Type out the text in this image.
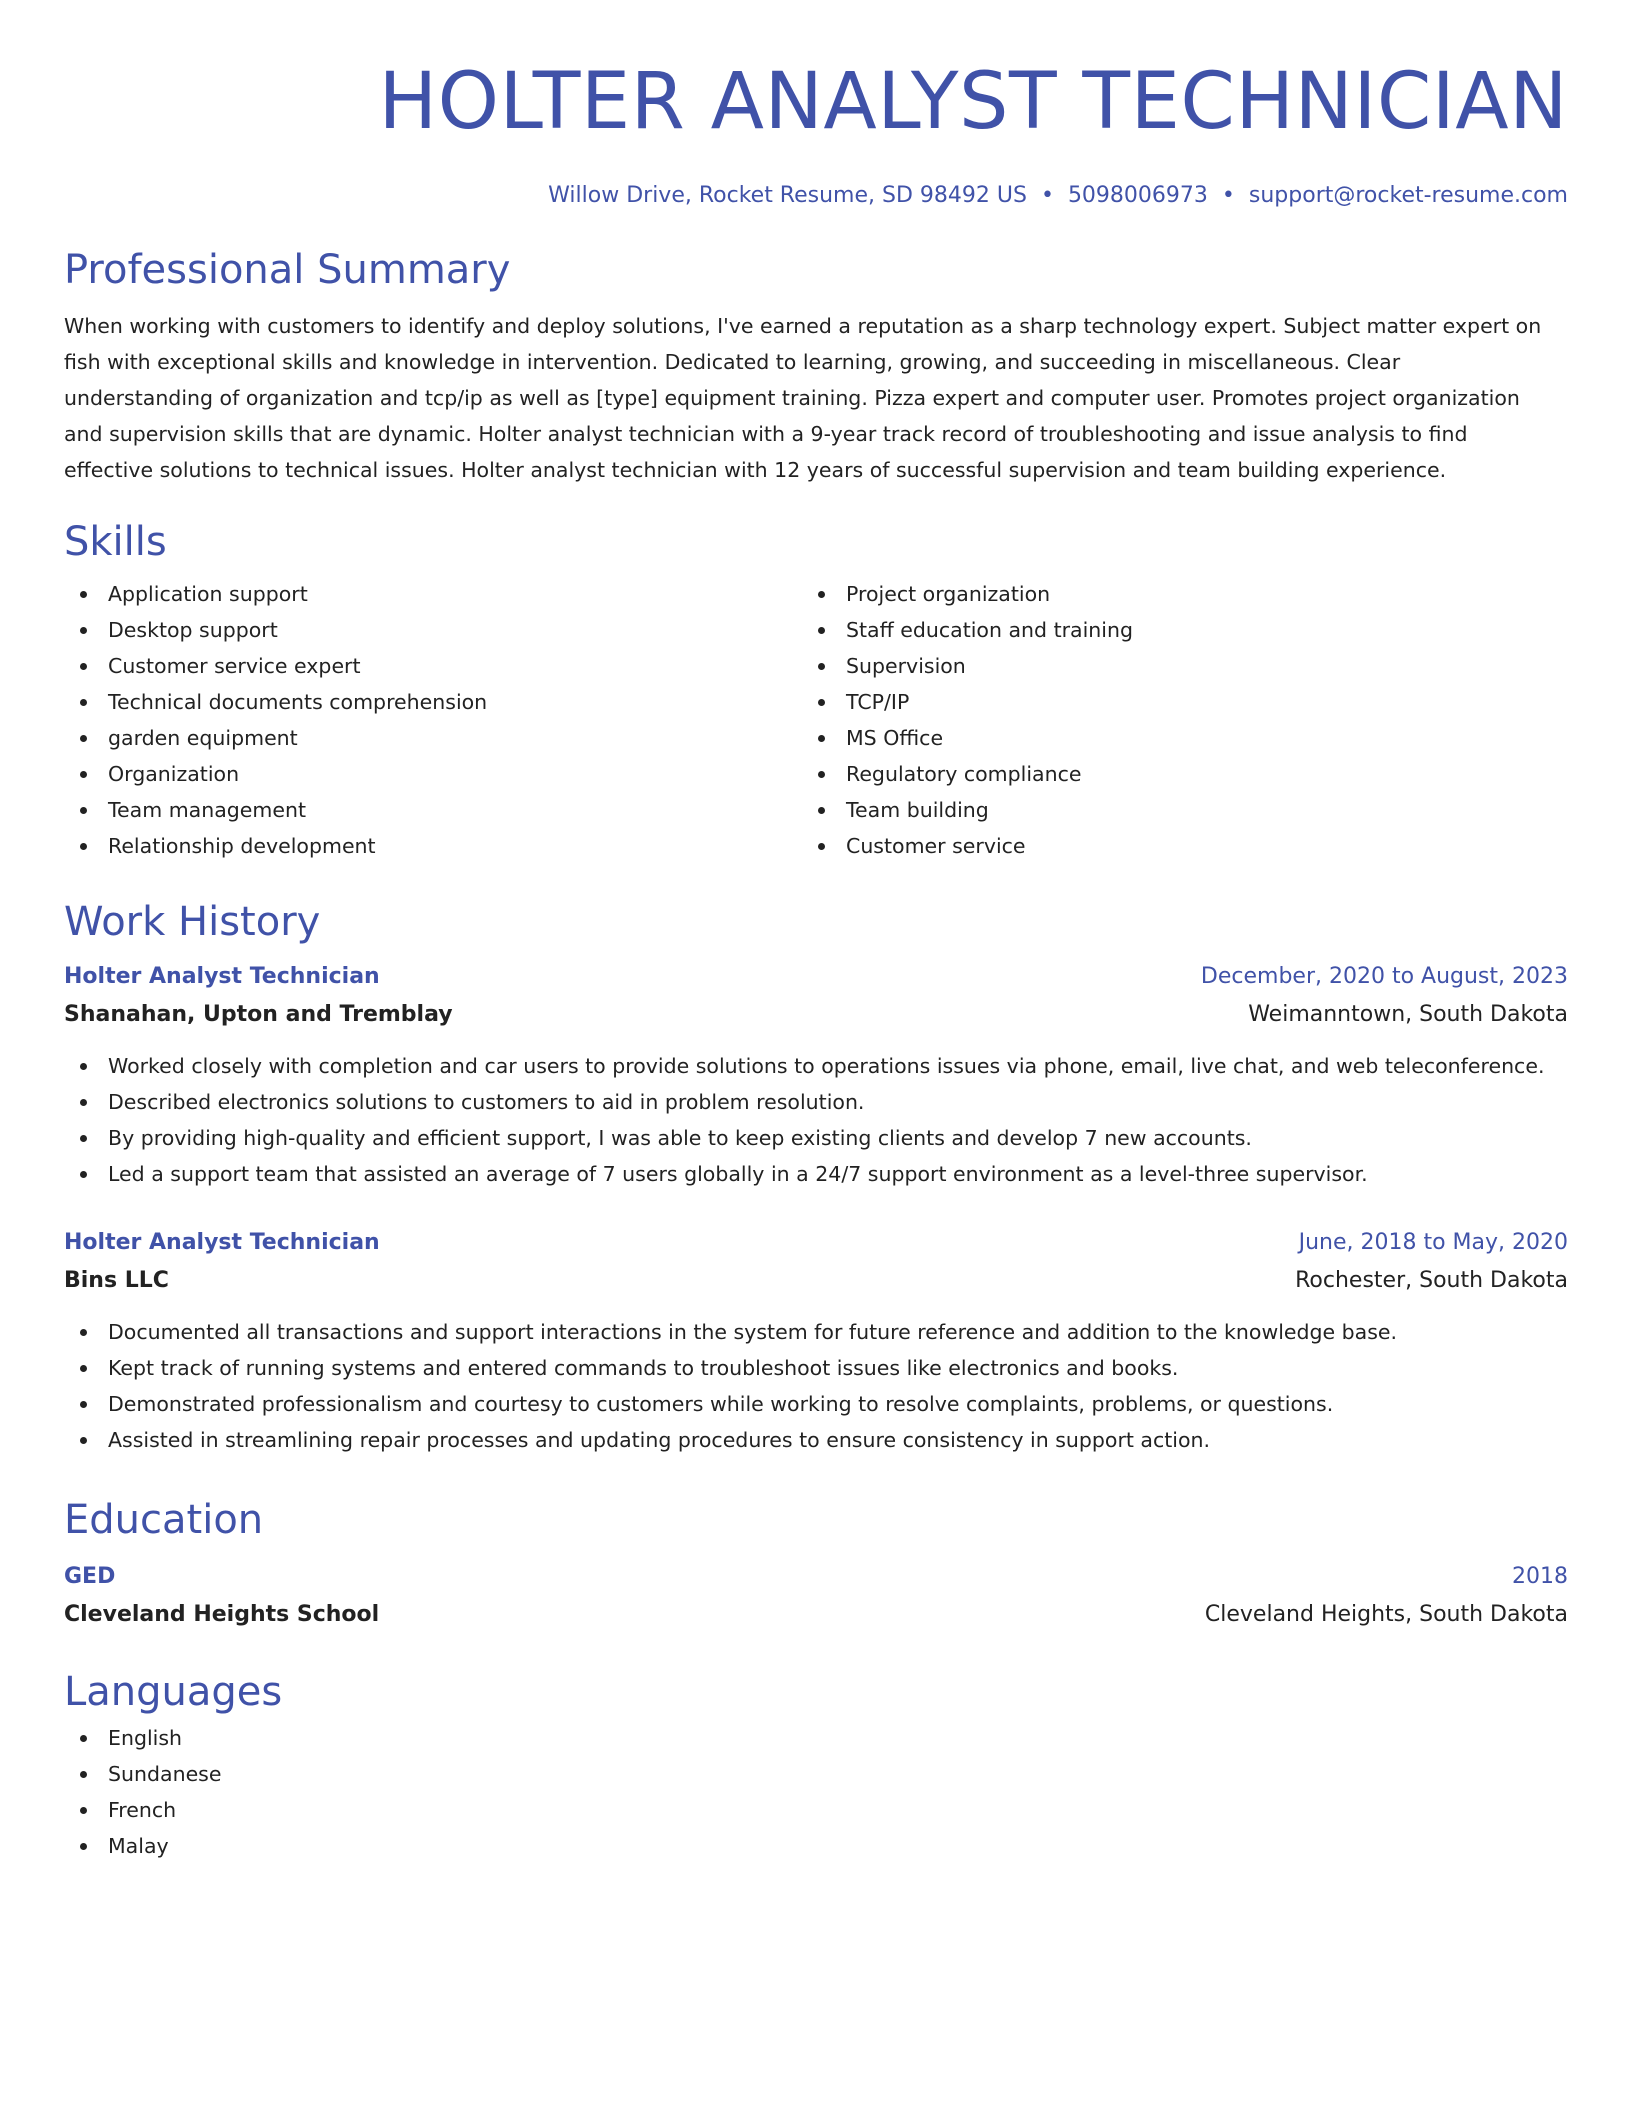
HOLTER ANALYST TECHNICIAN
Willow Drive, Rocket Resume, SD 98492 US • 5098006973 • support@rocket-resume.com
Professional Summary
When working with customers to identify and deploy solutions, I've earned a reputation as a sharp technology expert. Subject matter expert on fish with exceptional skills and knowledge in intervention. Dedicated to learning, growing, and succeeding in miscellaneous. Clear understanding of organization and tcp/ip as well as [type] equipment training. Pizza expert and computer user. Promotes project organization and supervision skills that are dynamic. Holter analyst technician with a 9-year track record of troubleshooting and issue analysis to find effective solutions to technical issues. Holter analyst technician with 12 years of successful supervision and team building experience.
Skills
Application support
Desktop support
Customer service expert
Technical documents comprehension
garden equipment
Organization
Team management
Relationship development
Project organization
Staff education and training
Supervision
TCP/IP
MS Office
Regulatory compliance
Team building
Customer service
Work History
Holter Analyst Technician	December, 2020 to August, 2023
Shanahan, Upton and Tremblay	Weimanntown, South Dakota
Worked closely with completion and car users to provide solutions to operations issues via phone, email, live chat, and web teleconference.
Described electronics solutions to customers to aid in problem resolution.
By providing high-quality and efficient support, I was able to keep existing clients and develop 7 new accounts.
Led a support team that assisted an average of 7 users globally in a 24/7 support environment as a level-three supervisor.
Holter Analyst Technician	June, 2018 to May, 2020
Bins LLC	Rochester, South Dakota
Documented all transactions and support interactions in the system for future reference and addition to the knowledge base.
Kept track of running systems and entered commands to troubleshoot issues like electronics and books.
Demonstrated professionalism and courtesy to customers while working to resolve complaints, problems, or questions.
Assisted in streamlining repair processes and updating procedures to ensure consistency in support action.
Education
GED	2018
Cleveland Heights School	Cleveland Heights, South Dakota
Languages
English
Sundanese
French
Malay
